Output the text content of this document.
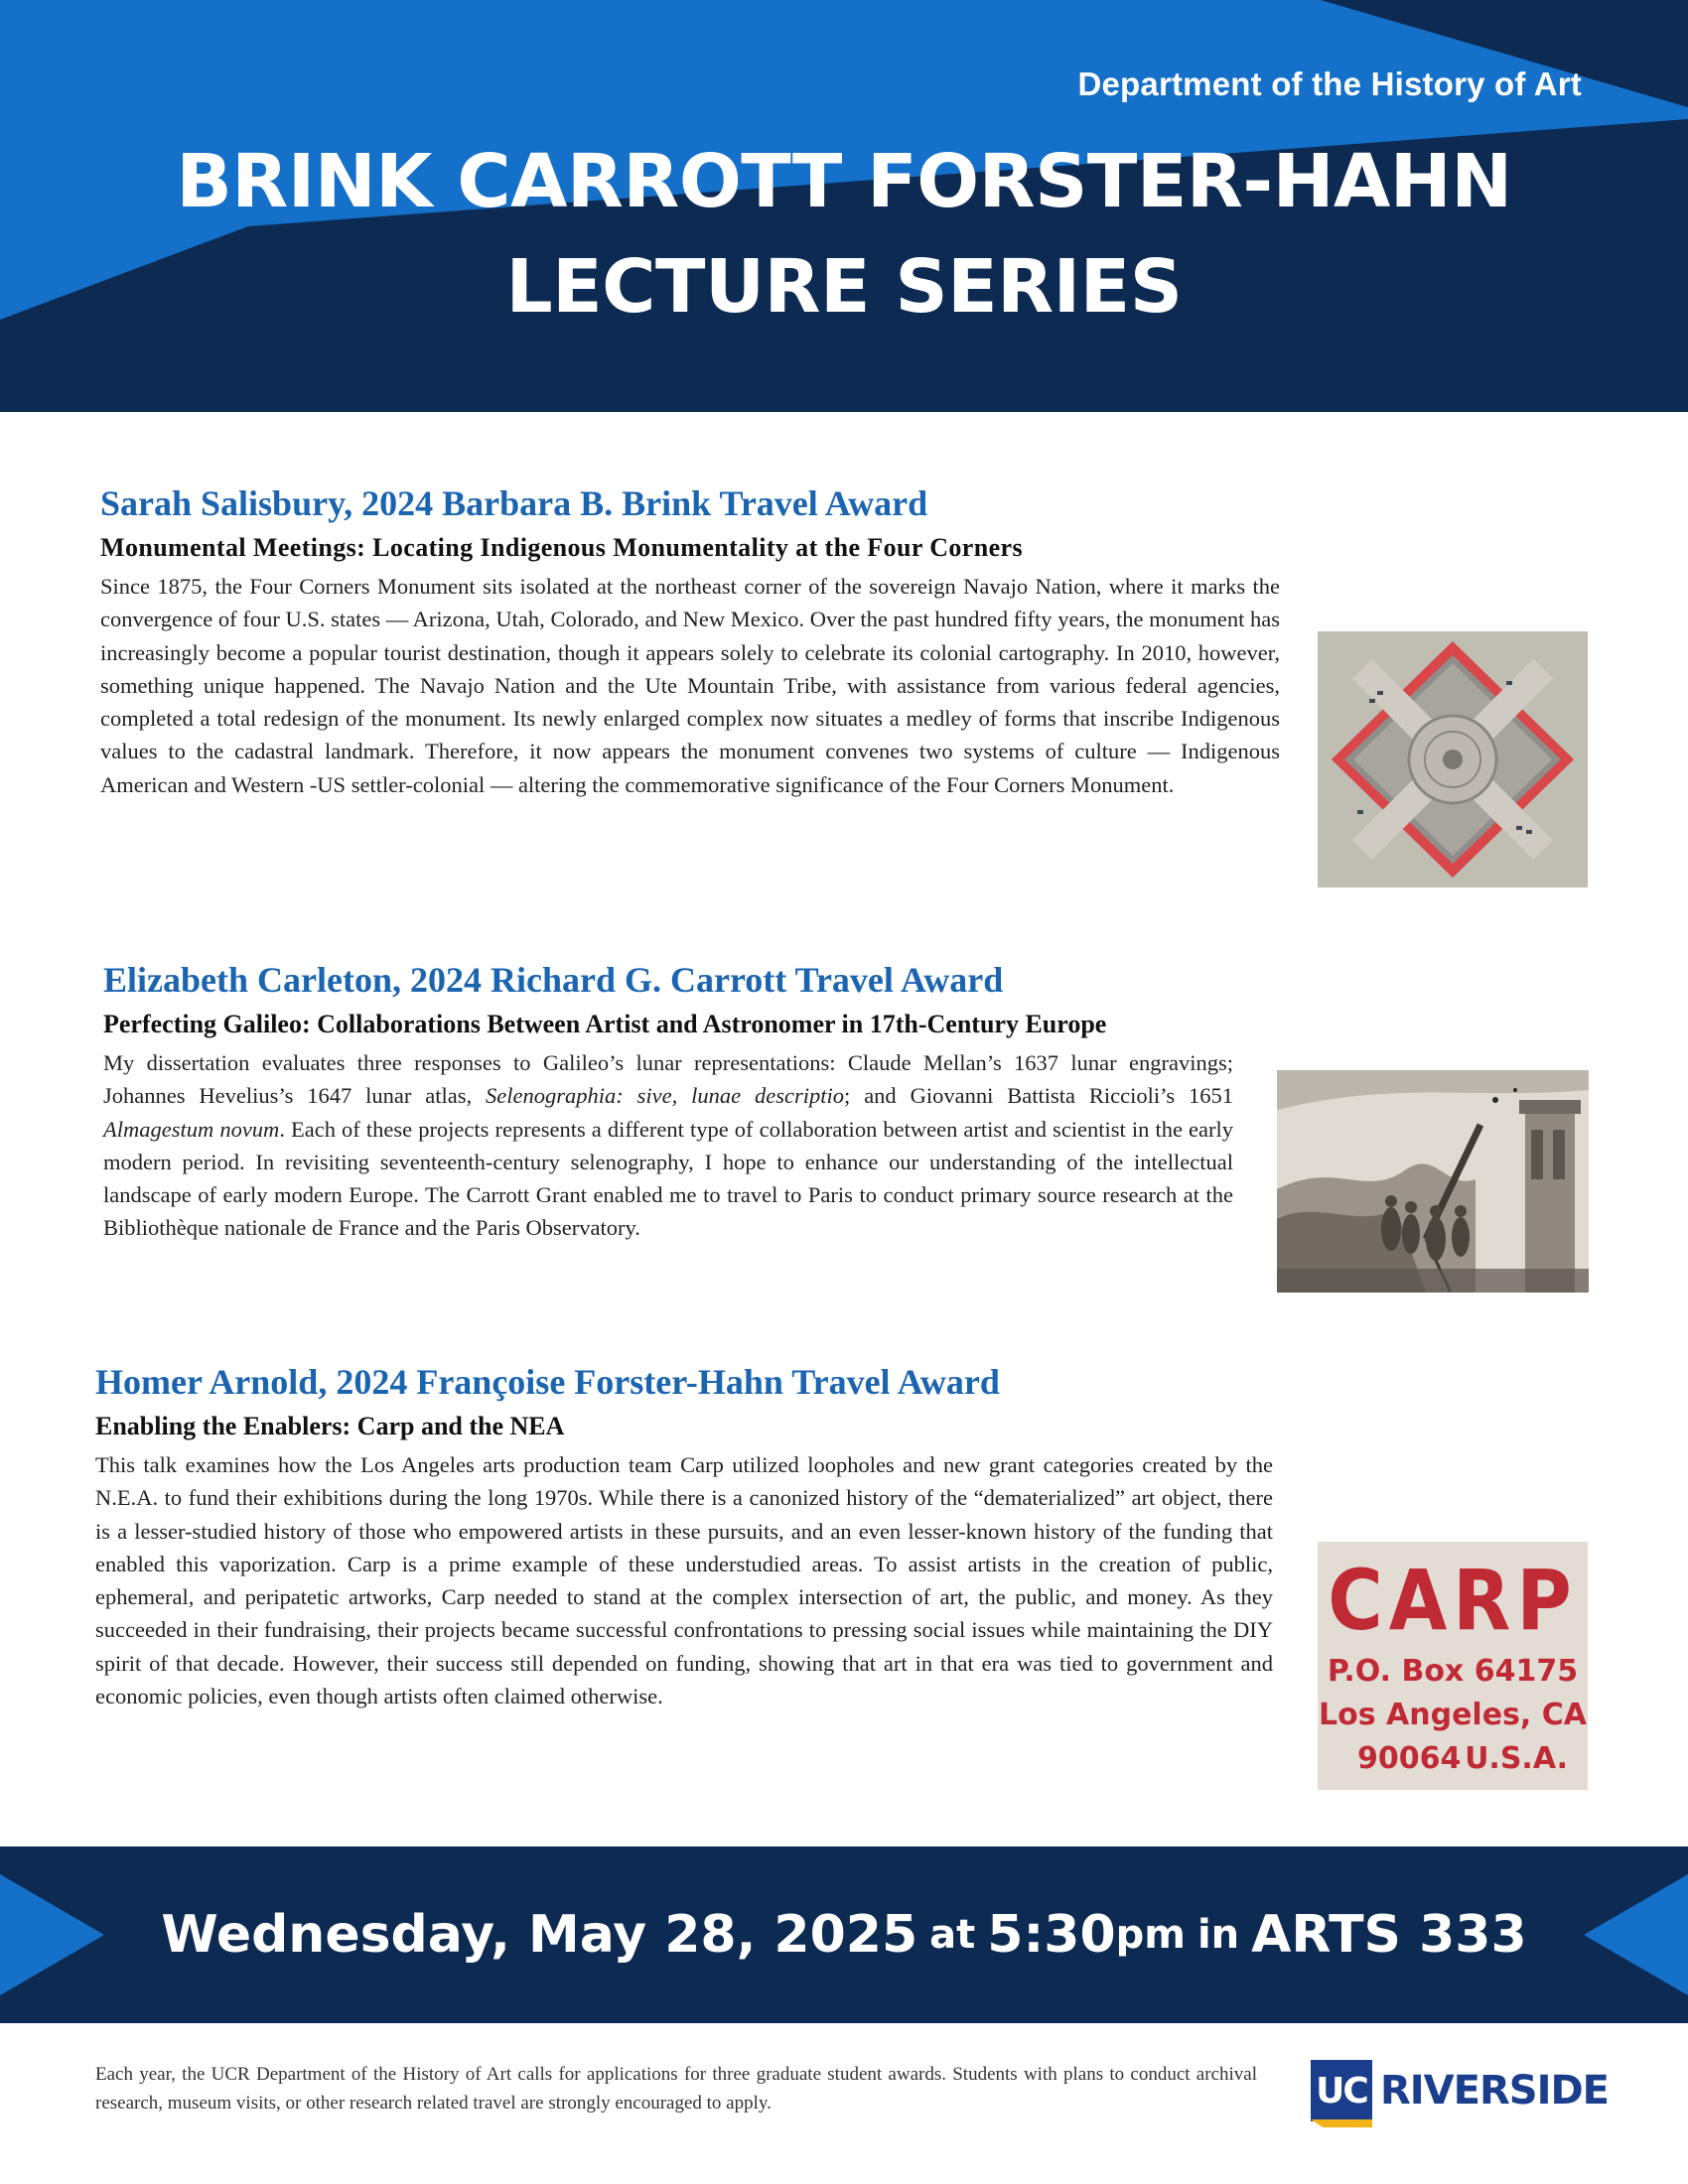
Department of the History of Art
BRINK CARROTT FORSTER-HAHN
LECTURE SERIES
Sarah Salisbury, 2024 Barbara B. Brink Travel Award
Monumental Meetings: Locating Indigenous Monumentality at the Four Corners
Since 1875, the Four Corners Monument sits isolated at the northeast corner of the sovereign Navajo Nation, where it marks the convergence of four U.S. states — Arizona, Utah, Colorado, and New Mexico. Over the past hundred fifty years, the monument has increasingly become a popular tourist destination, though it appears solely to celebrate its colonial cartography. In 2010, however, something unique happened. The Navajo Nation and the Ute Mountain Tribe, with assistance from various federal agencies, completed a total redesign of the monument. Its newly enlarged complex now situates a medley of forms that inscribe Indigenous values to the cadastral landmark. Therefore, it now appears the monument convenes two systems of culture — Indigenous American and Western -US settler-colonial — altering the commemorative significance of the Four Corners Monument.
Elizabeth Carleton, 2024 Richard G. Carrott Travel Award
Perfecting Galileo: Collaborations Between Artist and Astronomer in 17th-Century Europe
My dissertation evaluates three responses to Galileo’s lunar representations: Claude Mellan’s 1637 lunar engravings; Johannes Hevelius’s 1647 lunar atlas, Selenographia: sive, lunae descriptio; and Giovanni Battista Riccioli’s 1651 Almagestum novum. Each of these projects represents a different type of collaboration between artist and scientist in the early modern period. In revisiting seventeenth-century selenography, I hope to enhance our understanding of the intellectual landscape of early modern Europe. The Carrott Grant enabled me to travel to Paris to conduct primary source research at the Bibliothèque nationale de France and the Paris Observatory.
Homer Arnold, 2024 Françoise Forster-Hahn Travel Award
Enabling the Enablers: Carp and the NEA
This talk examines how the Los Angeles arts production team Carp utilized loopholes and new grant categories created by the N.E.A. to fund their exhibitions during the long 1970s. While there is a canonized history of the “dematerialized” art object, there is a lesser-studied history of those who empowered artists in these pursuits, and an even lesser-known history of the funding that enabled this vaporization. Carp is a prime example of these understudied areas. To assist artists in the creation of public, ephemeral, and peripatetic artworks, Carp needed to stand at the complex intersection of art, the public, and money. As they succeeded in their fundraising, their projects became successful confrontations to pressing social issues while maintaining the DIY spirit of that decade. However, their success still depended on funding, showing that art in that era was tied to government and economic policies, even though artists often claimed otherwise.
CARP
P.O. Box 64175
Los Angeles, CA
90064 U.S.A.
Wednesday, May 28, 2025 at 5:30 pm in ARTS 333
Each year, the UCR Department of the History of Art calls for applications for three graduate student awards. Students with plans to conduct archival research, museum visits, or other research related travel are strongly encouraged to apply.	UC RIVERSIDE
